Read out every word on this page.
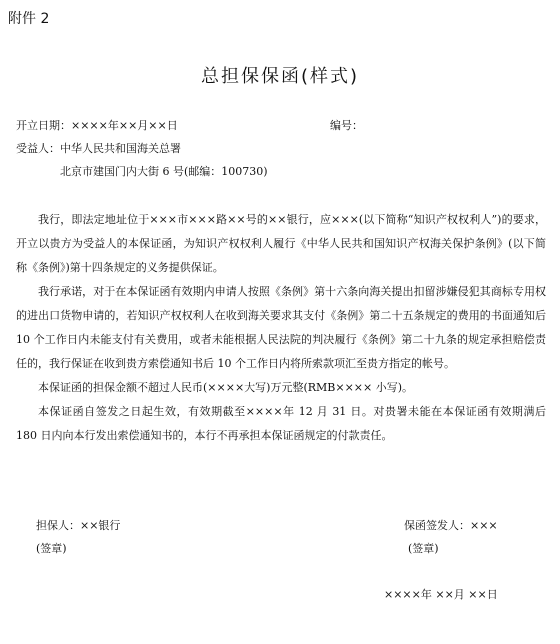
附件 2
总担保保函(样式)
开立日期：××××年××月××日	编号：
受益人：中华人民共和国海关总署
北京市建国门内大街 6 号(邮编：100730)

我行，即法定地址位于×××市×××路××号的××银行，应×××(以下简称“知识产权权利人”)的要求，开立以贵方为受益人的本保证函，为知识产权权利人履行《中华人民共和国知识产权海关保护条例》(以下简称《条例》)第十四条规定的义务提供保证。

我行承诺，对于在本保证函有效期内申请人按照《条例》第十六条向海关提出扣留涉嫌侵犯其商标专用权的进出口货物申请的，若知识产权权利人在收到海关要求其支付《条例》第二十五条规定的费用的书面通知后 10 个工作日内未能支付有关费用，或者未能根据人民法院的判决履行《条例》第二十九条的规定承担赔偿责任的，我行保证在收到贵方索偿通知书后 10 个工作日内将所索款项汇至贵方指定的帐号。

本保证函的担保金额不超过人民币(××××大写)万元整(RMB×××× 小写)。

本保证函自签发之日起生效，有效期截至××××年 12 月 31 日。对贵署未能在本保证函有效期满后 180 日内向本行发出索偿通知书的，本行不再承担本保证函规定的付款责任。

担保人：××银行
(签章)
保函签发人：×××
(签章)
××××年 ××月 ××日
